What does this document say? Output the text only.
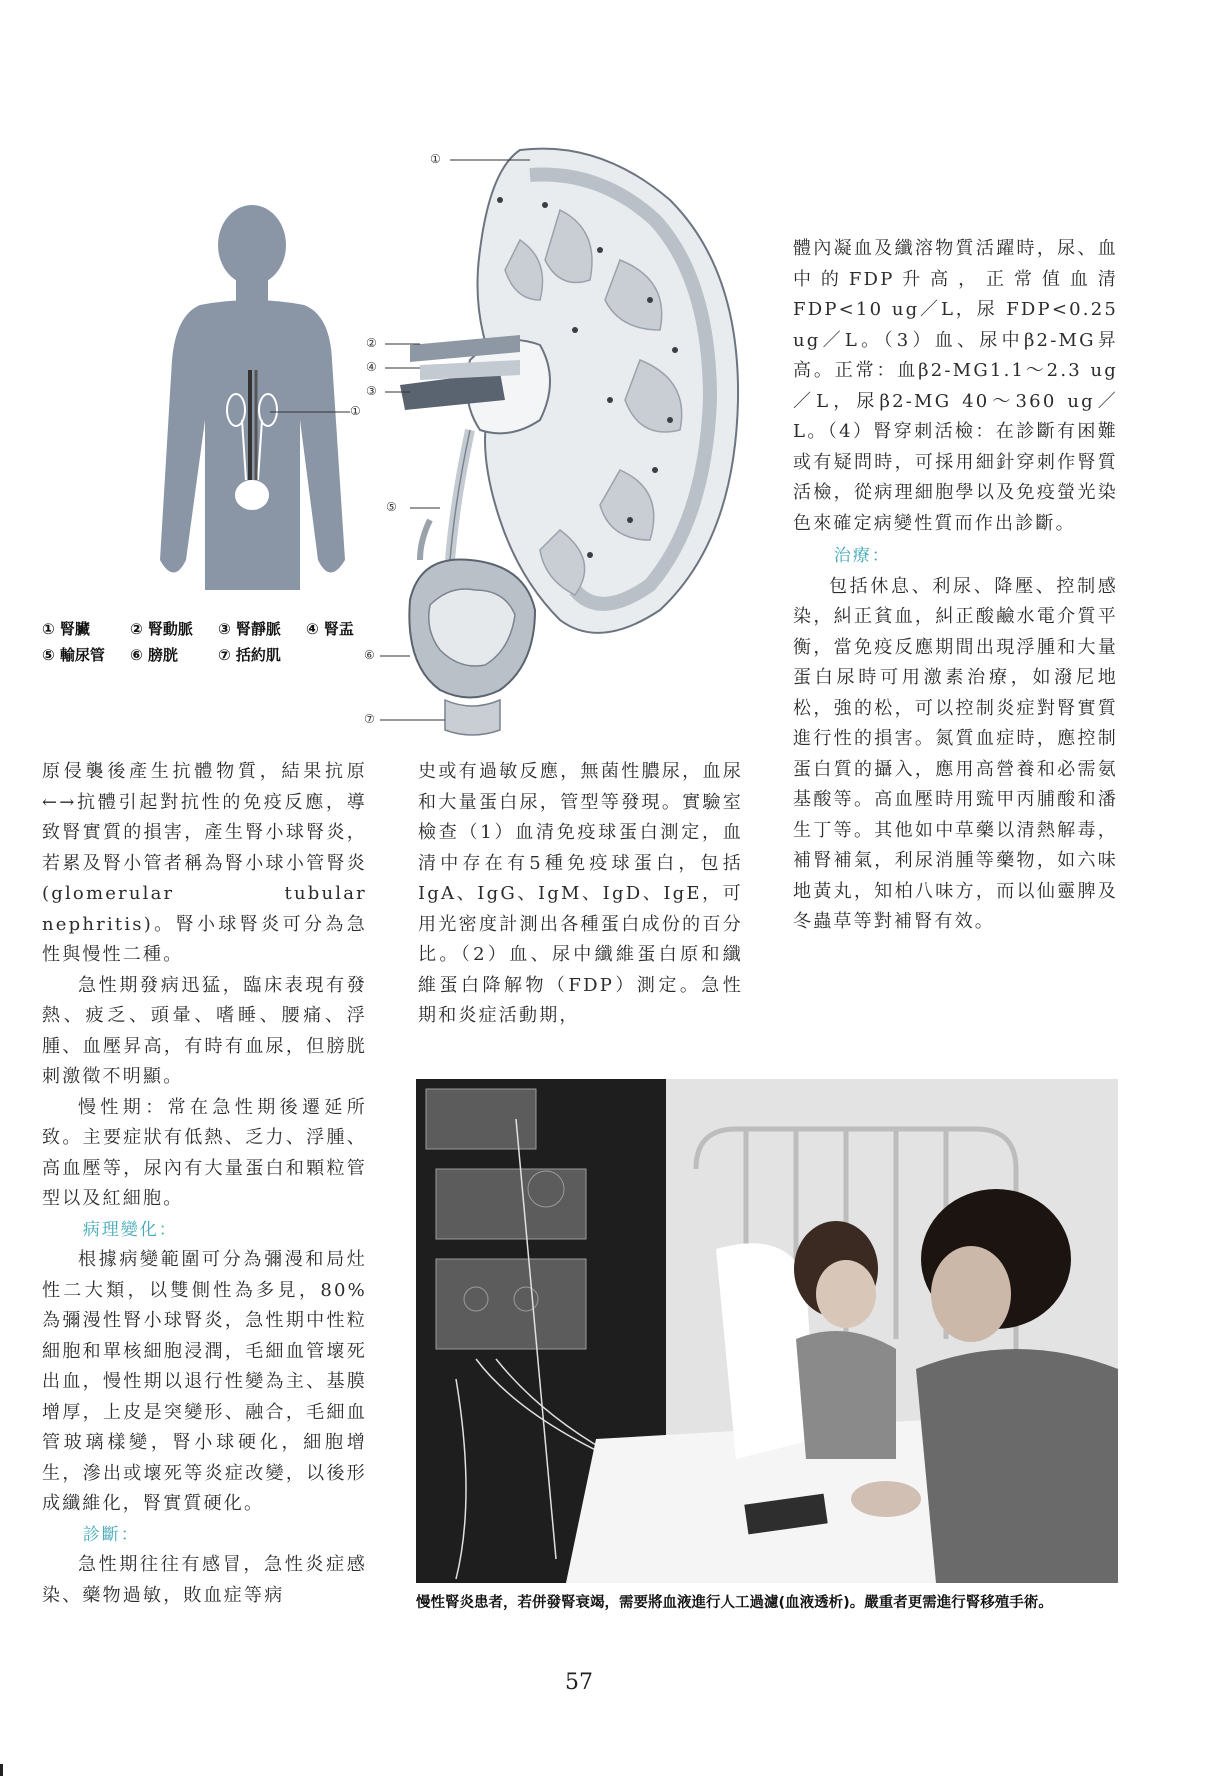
①
②
④
③
①
⑤
⑥
⑦
① 腎臟	② 腎動脈 ③ 腎靜脈 ④ 腎盂
⑤ 輸尿管 ⑥ 膀胱	⑦ 括約肌

體內凝血及纖溶物質活躍時，尿、血中的FDP升高，正常值血清FDP<10 ug／L，尿 FDP<0.25 ug／L。（3）血、尿中β2-MG昇高。正常：血β2-MG1.1～2.3 ug／L，尿β2-MG 40～360 ug／L。（4）腎穿刺活檢：在診斷有困難或有疑問時，可採用細針穿刺作腎質活檢，從病理細胞學以及免疫螢光染色來確定病變性質而作出診斷。

治療：

包括休息、利尿、降壓、控制感染，糾正貧血，糾正酸鹼水電介質平衡，當免疫反應期間出現浮腫和大量蛋白尿時可用激素治療，如潑尼地松，強的松，可以控制炎症對腎實質進行性的損害。氮質血症時，應控制蛋白質的攝入，應用高營養和必需氨基酸等。高血壓時用巰甲丙脯酸和潘生丁等。其他如中草藥以清熱解毒，補腎補氣，利尿消腫等藥物，如六味地黃丸，知柏八味方，而以仙靈脾及冬蟲草等對補腎有效。

原侵襲後產生抗體物質，結果抗原←→抗體引起對抗性的免疫反應，導致腎實質的損害，產生腎小球腎炎，若累及腎小管者稱為腎小球小管腎炎(glomerular tubular nephritis)。腎小球腎炎可分為急性與慢性二種。

急性期發病迅猛，臨床表現有發熱、疲乏、頭暈、嗜睡、腰痛、浮腫、血壓昇高，有時有血尿，但膀胱刺激徵不明顯。

慢性期：常在急性期後遷延所致。主要症狀有低熱、乏力、浮腫、高血壓等，尿內有大量蛋白和顆粒管型以及紅細胞。

病理變化：

根據病變範圍可分為彌漫和局灶性二大類，以雙側性為多見，80%為彌漫性腎小球腎炎，急性期中性粒細胞和單核細胞浸潤，毛細血管壞死出血，慢性期以退行性變為主、基膜增厚，上皮是突變形、融合，毛細血管玻璃樣變，腎小球硬化，細胞增生，滲出或壞死等炎症改變，以後形成纖維化，腎實質硬化。

診斷：

急性期往往有感冒，急性炎症感染、藥物過敏，敗血症等病

史或有過敏反應，無菌性膿尿，血尿和大量蛋白尿，管型等發現。實驗室檢查（1）血清免疫球蛋白測定，血清中存在有5種免疫球蛋白，包括IgA、IgG、IgM、IgD、IgE，可用光密度計測出各種蛋白成份的百分比。（2）血、尿中纖維蛋白原和纖維蛋白降解物（FDP）測定。急性期和炎症活動期，

慢性腎炎患者，若併發腎衰竭，需要將血液進行人工過濾(血液透析)。嚴重者更需進行腎移殖手術。
57
